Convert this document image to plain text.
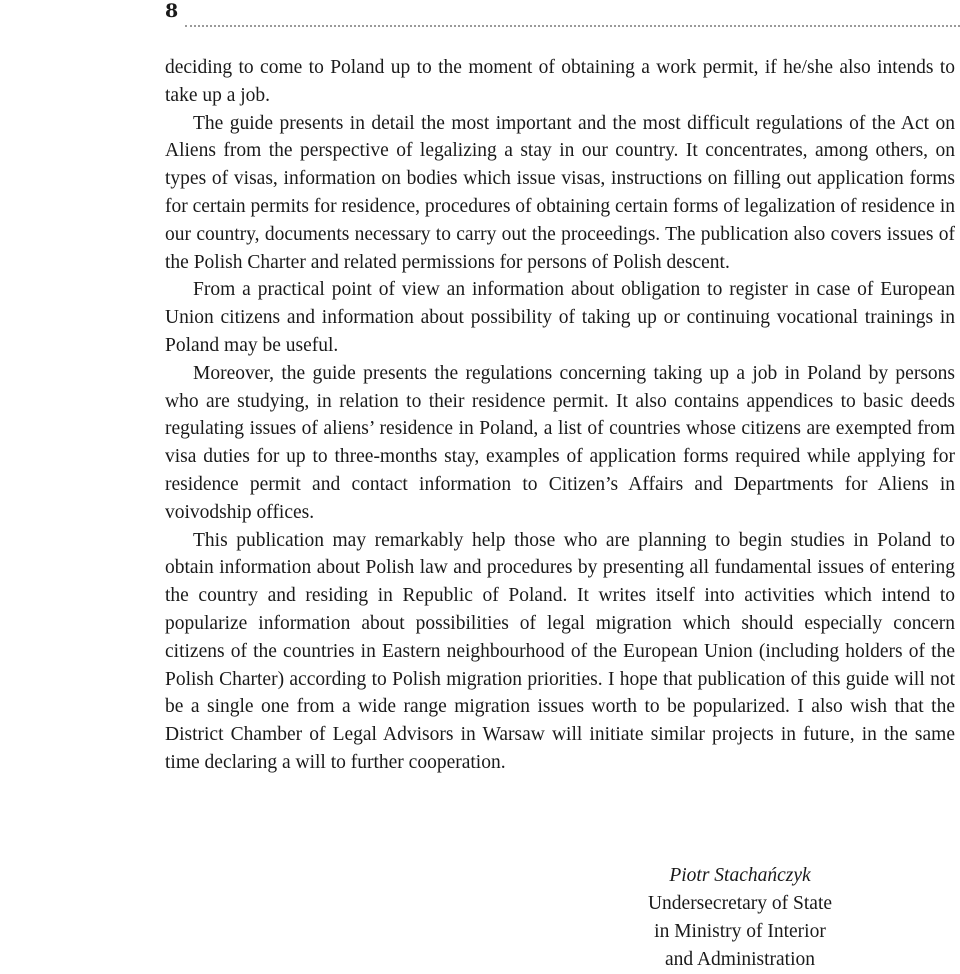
8

deciding to come to Poland up to the moment of obtaining a work permit, if he/she also intends to take up a job.

The guide presents in detail the most important and the most difficult regulations of the Act on Aliens from the perspective of legalizing a stay in our country. It concentrates, among others, on types of visas, information on bodies which issue visas, instructions on filling out application forms for certain permits for residence, procedures of obtaining certain forms of legalization of residence in our country, documents necessary to carry out the proceedings. The publication also covers issues of the Polish Charter and related permissions for persons of Polish descent.

From a practical point of view an information about obligation to register in case of European Union citizens and information about possibility of taking up or continuing vocational trainings in Poland may be useful.

Moreover, the guide presents the regulations concerning taking up a job in Poland by persons who are studying, in relation to their residence permit. It also contains appendices to basic deeds regulating issues of aliens’ residence in Poland, a list of countries whose citizens are exempted from visa duties for up to three-months stay, examples of application forms required while applying for residence permit and contact information to Citizen’s Affairs and Departments for Aliens in voivodship offices.

This publication may remarkably help those who are planning to begin studies in Poland to obtain information about Polish law and procedures by presenting all fundamental issues of entering the country and residing in Republic of Poland. It writes itself into activities which intend to popularize information about possibilities of legal migration which should especially concern citizens of the countries in Eastern neighbourhood of the European Union (including holders of the Polish Charter) according to Polish migration priorities. I hope that publication of this guide will not be a single one from a wide range migration issues worth to be popularized. I also wish that the District Chamber of Legal Advisors in Warsaw will initiate similar projects in future, in the same time declaring a will to further cooperation.

Piotr Stachańczyk
Undersecretary of State
in Ministry of Interior
and Administration
